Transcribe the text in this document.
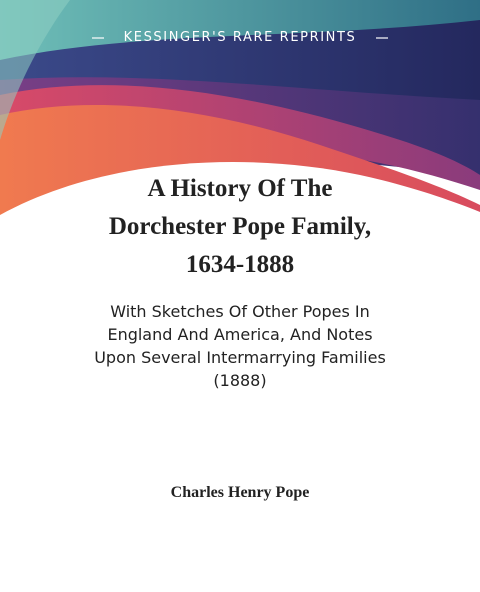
KESSINGER'S RARE REPRINTS
A History Of The
Dorchester Pope Family,
1634-1888
With Sketches Of Other Popes In
England And America, And Notes
Upon Several Intermarrying Families
(1888)
Charles Henry Pope
